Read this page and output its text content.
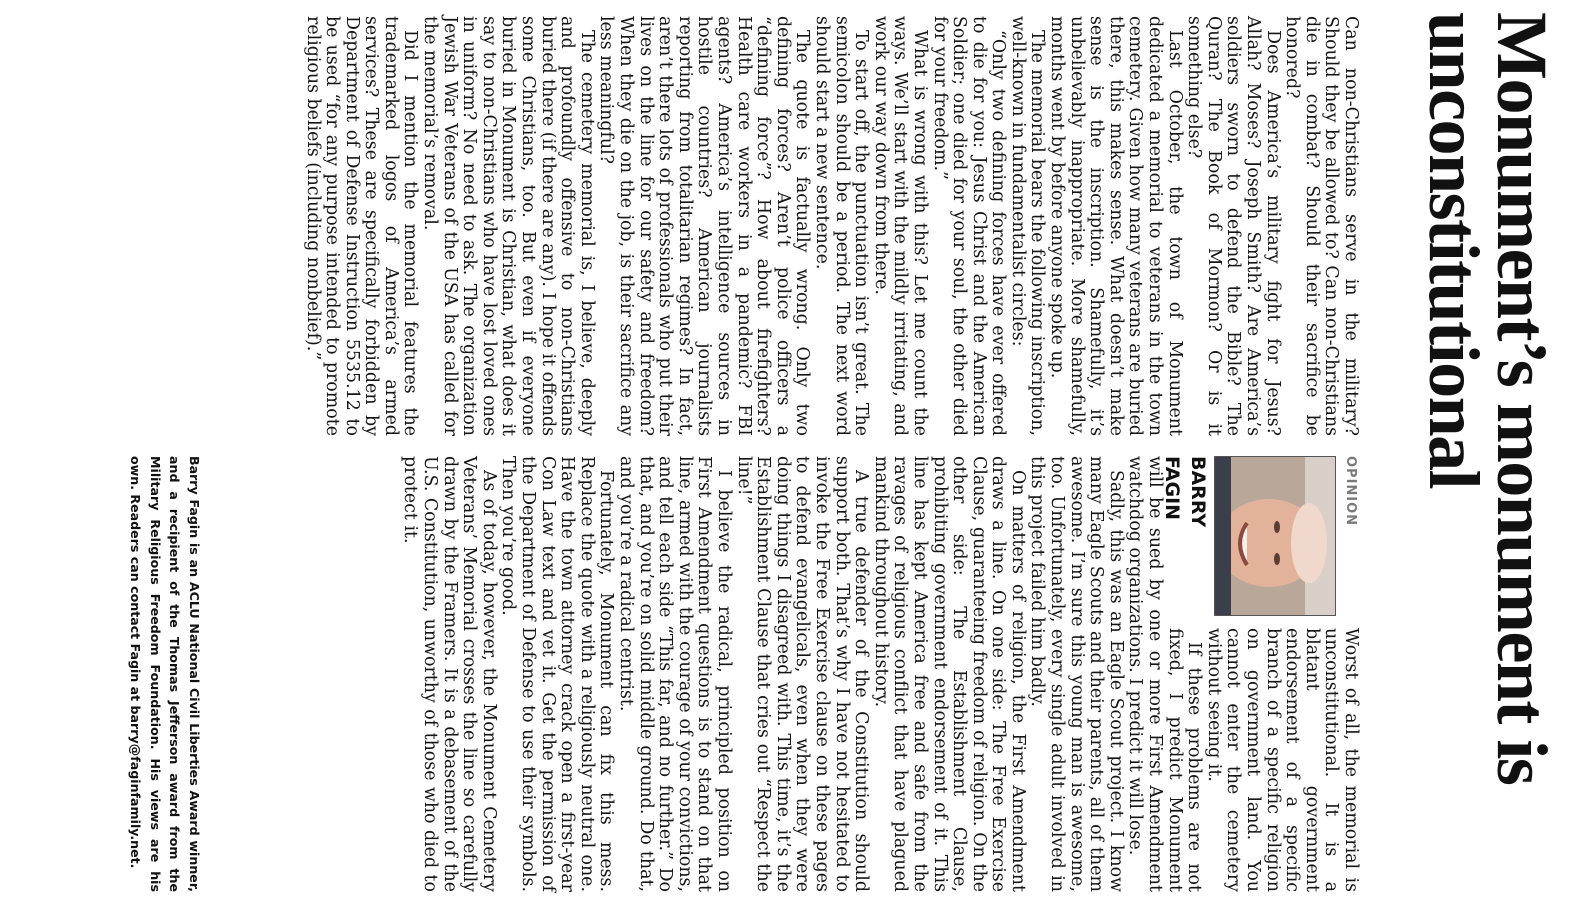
Monument’s monument is unconstitutional

Can non-Christians serve in the military? Should they be allowed to? Can non-Christians die in combat? Should their sacrifice be honored?

Does America’s military fight for Jesus? Allah? Moses? Joseph Smith? Are America’s soldiers sworn to defend the Bible? The Quran? The Book of Mormon? Or is it something else?

Last October, the town of Monument dedicated a memorial to veterans in the town cemetery. Given how many veterans are buried there, this makes sense. What doesn’t make sense is the inscription. Shamefully, it’s unbelievably inappropriate. More shamefully, months went by before anyone spoke up.

The memorial bears the following inscription, well-known in fundamentalist circles:

“Only two defining forces have ever offered to die for you: Jesus Christ and the American Soldier; one died for your soul, the other died for your freedom.”

What is wrong with this? Let me count the ways. We’ll start with the mildly irritating, and work our way down from there.

To start off, the punctuation isn’t great. The semicolon should be a period. The next word should start a new sentence.

The quote is factually wrong. Only two defining forces? Aren’t police officers a “defining force”? How about firefighters? Health care workers in a pandemic? FBI agents? America’s intelligence sources in hostile countries? American journalists reporting from totalitarian regimes? In fact, aren’t there lots of professionals who put their lives on the line for our safety and freedom? When they die on the job, is their sacrifice any less meaningful?

The cemetery memorial is, I believe, deeply and profoundly offensive to non-Christians buried there (if there are any). I hope it offends some Christians, too. But even if everyone buried in Monument is Christian, what does it say to non-Christians who have lost loved ones in uniform? No need to ask. The organization Jewish War Veterans of the USA has called for the memorial’s removal.

Did I mention the memorial features the trademarked logos of America’s armed services? These are specifically forbidden by Department of Defense Instruction 5535.12 to be used “for any purpose intended to promote religious beliefs (including nonbelief).”

OPINION
BARRY
FAGIN

Worst of all, the memorial is unconstitutional. It is a blatant government endorsement of a specific branch of a specific religion on government land. You cannot enter the cemetery without seeing it.

If these problems are not fixed, I predict Monument will be sued by one or more First Amendment watchdog organizations. I predict it will lose.

Sadly, this was an Eagle Scout project. I know many Eagle Scouts and their parents, all of them awesome. I’m sure this young man is awesome, too. Unfortunately, every single adult involved in this project failed him badly.

On matters of religion, the First Amendment draws a line. On one side: The Free Exercise Clause, guaranteeing freedom of religion. On the other side: The Establishment Clause, prohibiting government endorsement of it. This line has kept America free and safe from the ravages of religious conflict that have plagued mankind throughout history.

A true defender of the Constitution should support both. That’s why I have not hesitated to invoke the Free Exercise clause on these pages to defend evangelicals, even when they were doing things I disagreed with. This time, it’s the Establishment Clause that cries out “Respect the line!”

I believe the radical, principled position on First Amendment questions is to stand on that line, armed with the courage of your convictions, and tell each side “This far, and no further.” Do that, and you’re on solid middle ground. Do that, and you’re a radical centrist.

Fortunately, Monument can fix this mess. Replace the quote with a religiously neutral one. Have the town attorney crack open a first-year Con Law text and vet it. Get the permission of the Department of Defense to use their symbols. Then you’re good.

As of today, however, the Monument Cemetery Veterans’ Memorial crosses the line so carefully drawn by the Framers. It is a debasement of the U.S. Constitution, unworthy of those who died to protect it.

Barry Fagin is an ACLU National Civil Liberties Award winner, and a recipient of the Thomas Jefferson award from the Military Religious Freedom Foundation. His views are his own. Readers can contact Fagin at barry@faginfamily.net.
